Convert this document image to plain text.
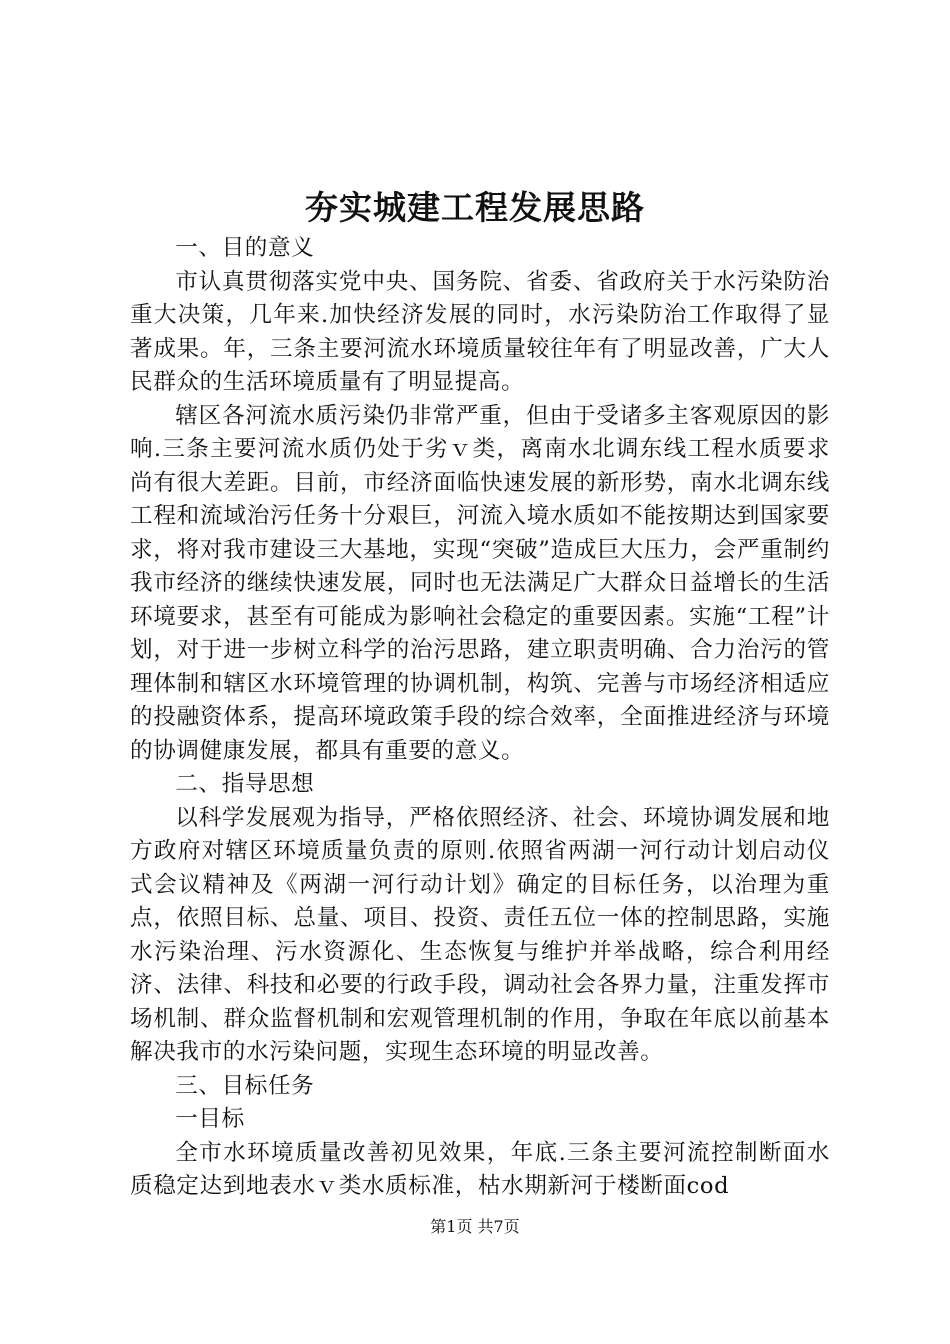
夯实城建工程发展思路

一、目的意义

市认真贯彻落实党中央、国务院、省委、省政府关于水污染防治重大决策，几年来.加快经济发展的同时，水污染防治工作取得了显著成果。年，三条主要河流水环境质量较往年有了明显改善，广大人民群众的生活环境质量有了明显提高。

辖区各河流水质污染仍非常严重，但由于受诸多主客观原因的影响.三条主要河流水质仍处于劣ｖ类，离南水北调东线工程水质要求尚有很大差距。目前，市经济面临快速发展的新形势，南水北调东线工程和流域治污任务十分艰巨，河流入境水质如不能按期达到国家要求，将对我市建设三大基地，实现“突破”造成巨大压力，会严重制约我市经济的继续快速发展，同时也无法满足广大群众日益增长的生活环境要求，甚至有可能成为影响社会稳定的重要因素。实施“工程”计划，对于进一步树立科学的治污思路，建立职责明确、合力治污的管理体制和辖区水环境管理的协调机制，构筑、完善与市场经济相适应的投融资体系，提高环境政策手段的综合效率，全面推进经济与环境的协调健康发展，都具有重要的意义。

二、指导思想

以科学发展观为指导，严格依照经济、社会、环境协调发展和地方政府对辖区环境质量负责的原则.依照省两湖一河行动计划启动仪式会议精神及《两湖一河行动计划》确定的目标任务，以治理为重点，依照目标、总量、项目、投资、责任五位一体的控制思路，实施水污染治理、污水资源化、生态恢复与维护并举战略，综合利用经济、法律、科技和必要的行政手段，调动社会各界力量，注重发挥市场机制、群众监督机制和宏观管理机制的作用，争取在年底以前基本解决我市的水污染问题，实现生态环境的明显改善。

三、目标任务

一目标

全市水环境质量改善初见效果，年底.三条主要河流控制断面水质稳定达到地表水ｖ类水质标准，枯水期新河于楼断面cod

第1页 共7页
